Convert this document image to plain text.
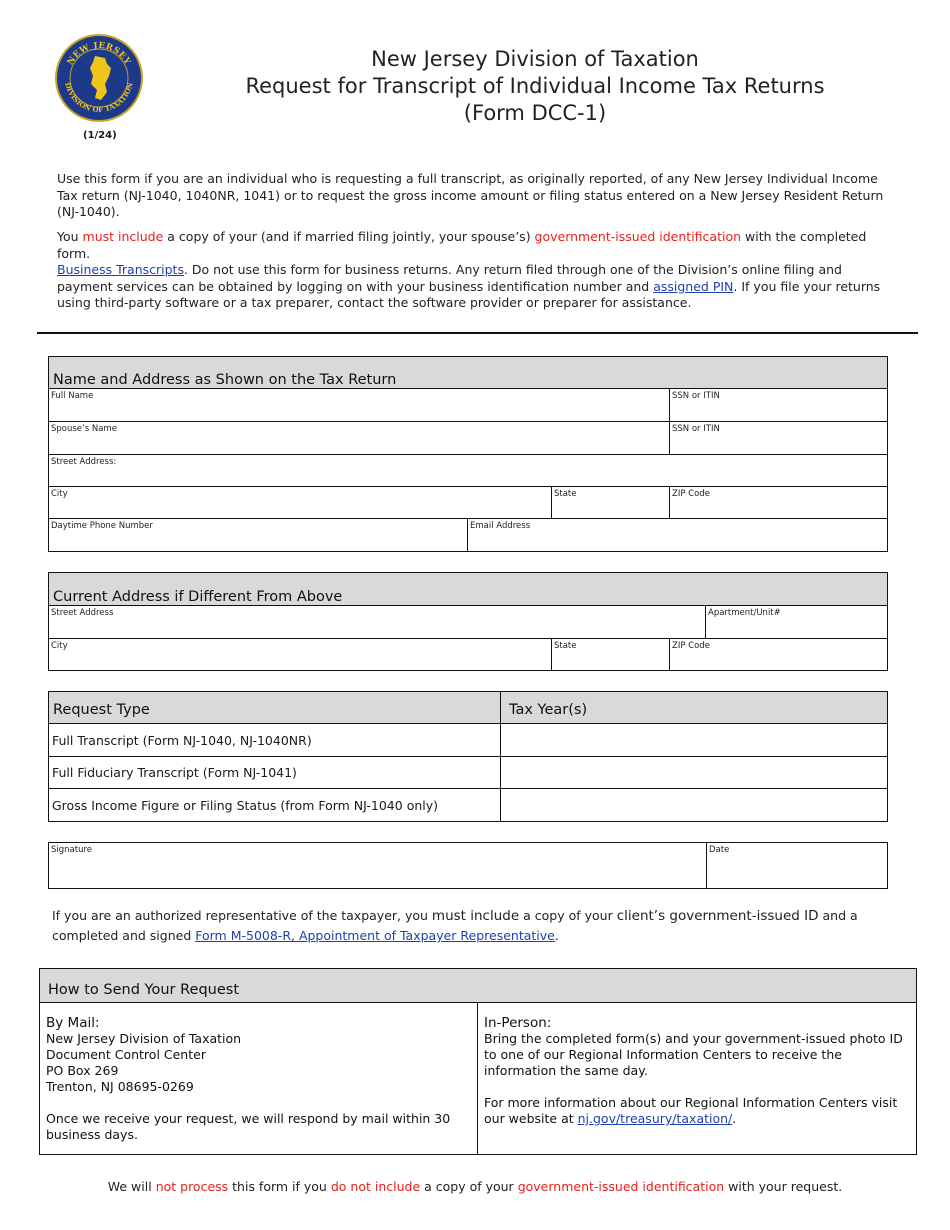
NEW JERSEY
DIVISION OF TAXATION
(1/24)
New Jersey Division of Taxation
Request for Transcript of Individual Income Tax Returns
(Form DCC-1)
Use this form if you are an individual who is requesting a full transcript, as originally reported, of any New Jersey Individual Income Tax return (NJ-1040, 1040NR, 1041) or to request the gross income amount or filing status entered on a New Jersey Resident Return (NJ-1040).
You must include a copy of your (and if married filing jointly, your spouse’s) government-issued identification with the completed form.
Business Transcripts. Do not use this form for business returns. Any return filed through one of the Division’s online filing and payment services can be obtained by logging on with your business identification number and assigned PIN. If you file your returns using third-party software or a tax preparer, contact the software provider or preparer for assistance.
Name and Address as Shown on the Tax Return			
Full Name			SSN or ITIN
Spouse’s Name			SSN or ITIN
Street Address:			
City		State	ZIP Code
Daytime Phone Number	Email Address		
Current Address if Different From Above			
Street Address			Apartment/Unit#
City	State	ZIP Code	
Request Type	Tax Year(s)
Full Transcript (Form NJ-1040, NJ-1040NR)	
Full Fiduciary Transcript (Form NJ-1041)	
Gross Income Figure or Filing Status (from Form NJ-1040 only)	
Signature	Date
If you are an authorized representative of the taxpayer, you must include a copy of your client’s government-issued ID and a completed and signed Form M-5008-R, Appointment of Taxpayer Representative.
How to Send Your Request

By Mail:
New Jersey Division of Taxation
Document Control Center
PO Box 269
Trenton, NJ 08695-0269
Once we receive your request, we will respond by mail within 30 business days.

In-Person:
Bring the completed form(s) and your government-issued photo ID to one of our Regional Information Centers to receive the information the same day.
For more information about our Regional Information Centers visit our website at nj.gov/treasury/taxation/.
We will not process this form if you do not include a copy of your government-issued identification with your request.
